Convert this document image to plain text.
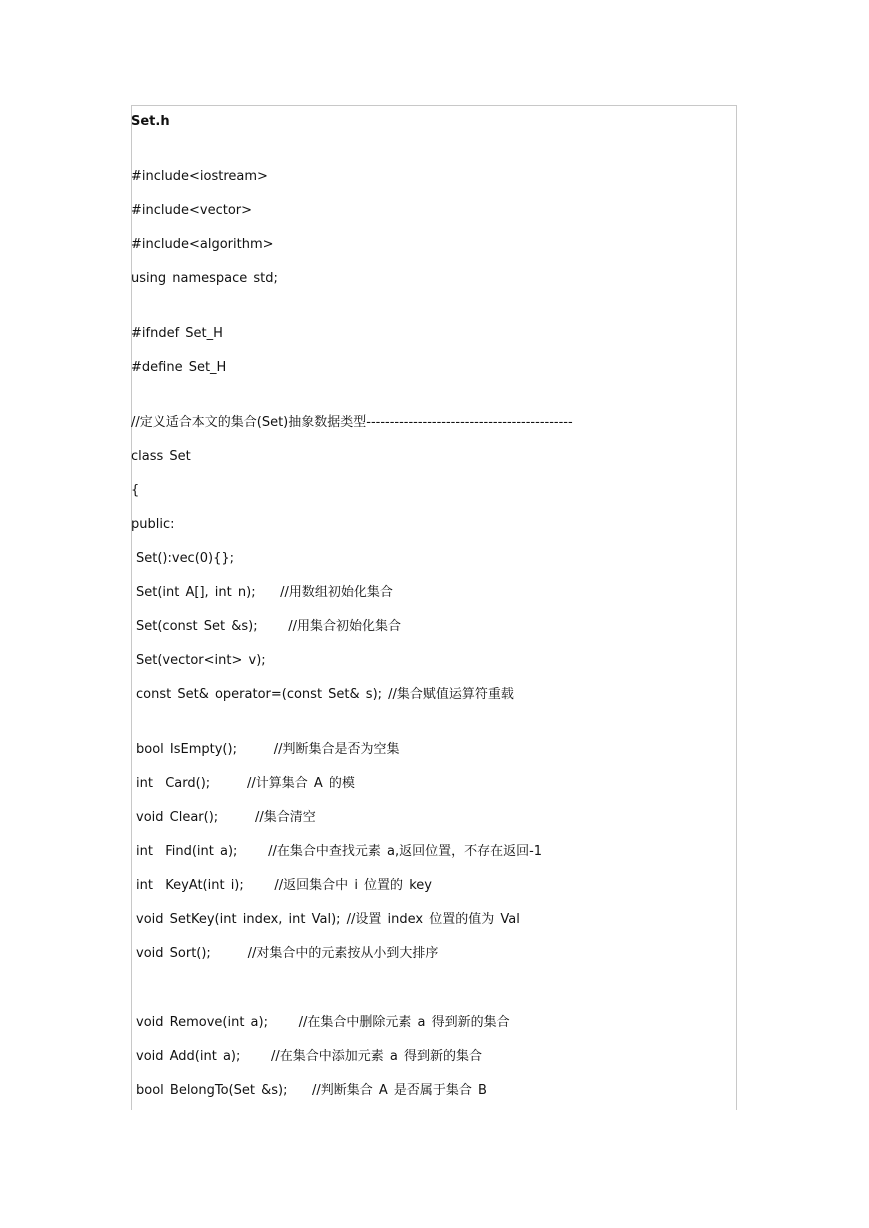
Set.h
#include<iostream>
#include<vector>
#include<algorithm>
using namespace std;
#ifndef Set_H
#define Set_H
//定义适合本文的集合(Set)抽象数据类型--------------------------------------------
class Set
{
public:
Set():vec(0){};
Set(int A[], int n);    //用数组初始化集合
Set(const Set &s);     //用集合初始化集合
Set(vector<int> v);
const Set& operator=(const Set& s); //集合赋值运算符重载
bool IsEmpty();      //判断集合是否为空集
int  Card();      //计算集合 A 的模
void Clear();      //集合清空
int  Find(int a);     //在集合中查找元素 a,返回位置，不存在返回-1
int  KeyAt(int i);     //返回集合中 i 位置的 key
void SetKey(int index, int Val); //设置 index 位置的值为 Val
void Sort();      //对集合中的元素按从小到大排序
void Remove(int a);     //在集合中删除元素 a 得到新的集合
void Add(int a);     //在集合中添加元素 a 得到新的集合
bool BelongTo(Set &s);    //判断集合 A 是否属于集合 B
